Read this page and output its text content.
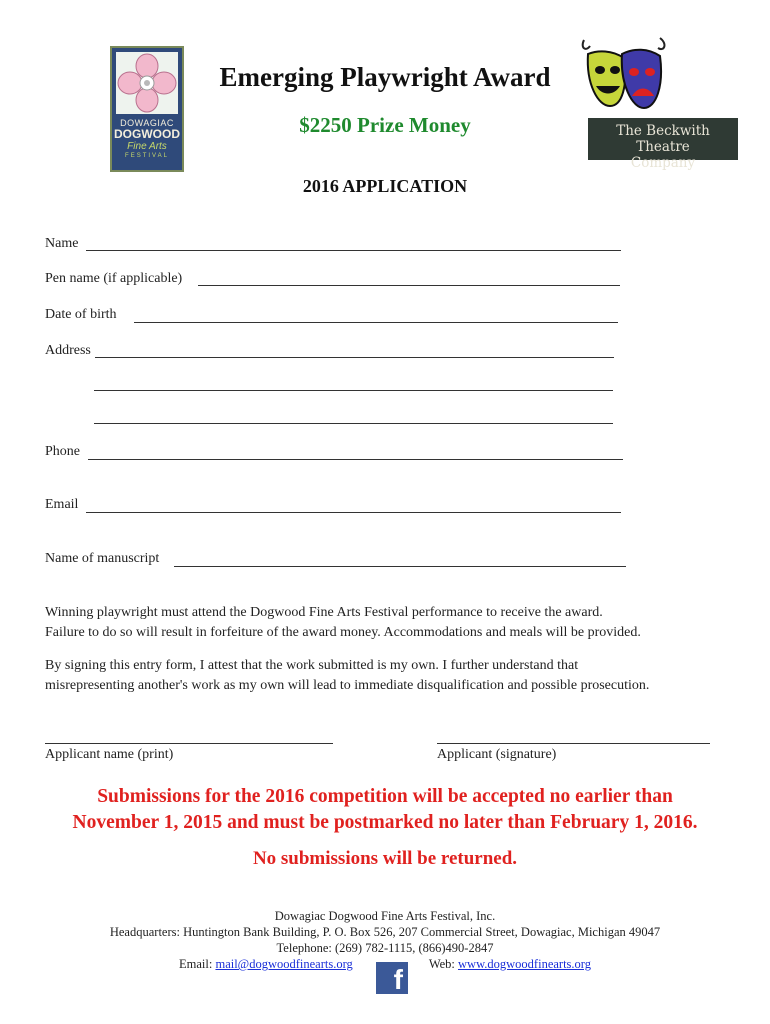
DOWAGIAC
DOGWOOD
Fine Arts
FESTIVAL
The Beckwith Theatre
Company
Emerging Playwright Award
$2250 Prize Money
2016 APPLICATION
Name
Pen name (if applicable)
Date of birth
Address
Phone
Email
Name of manuscript
Winning playwright must attend the Dogwood Fine Arts Festival performance to receive the award.
Failure to do so will result in forfeiture of the award money. Accommodations and meals will be provided.
By signing this entry form, I attest that the work submitted is my own. I further understand that
misrepresenting another's work as my own will lead to immediate disqualification and possible prosecution.
Applicant name (print)	Applicant (signature)
Submissions for the 2016 competition will be accepted no earlier than
November 1, 2015 and must be postmarked no later than February 1, 2016.
No submissions will be returned.
Dowagiac Dogwood Fine Arts Festival, Inc.
Headquarters: Huntington Bank Building, P. O. Box 526, 207 Commercial Street, Dowagiac, Michigan 49047
Telephone: (269) 782-1115, (866)490-2847
Email: mail@dogwoodfinearts.org	Web: www.dogwoodfinearts.org
f
